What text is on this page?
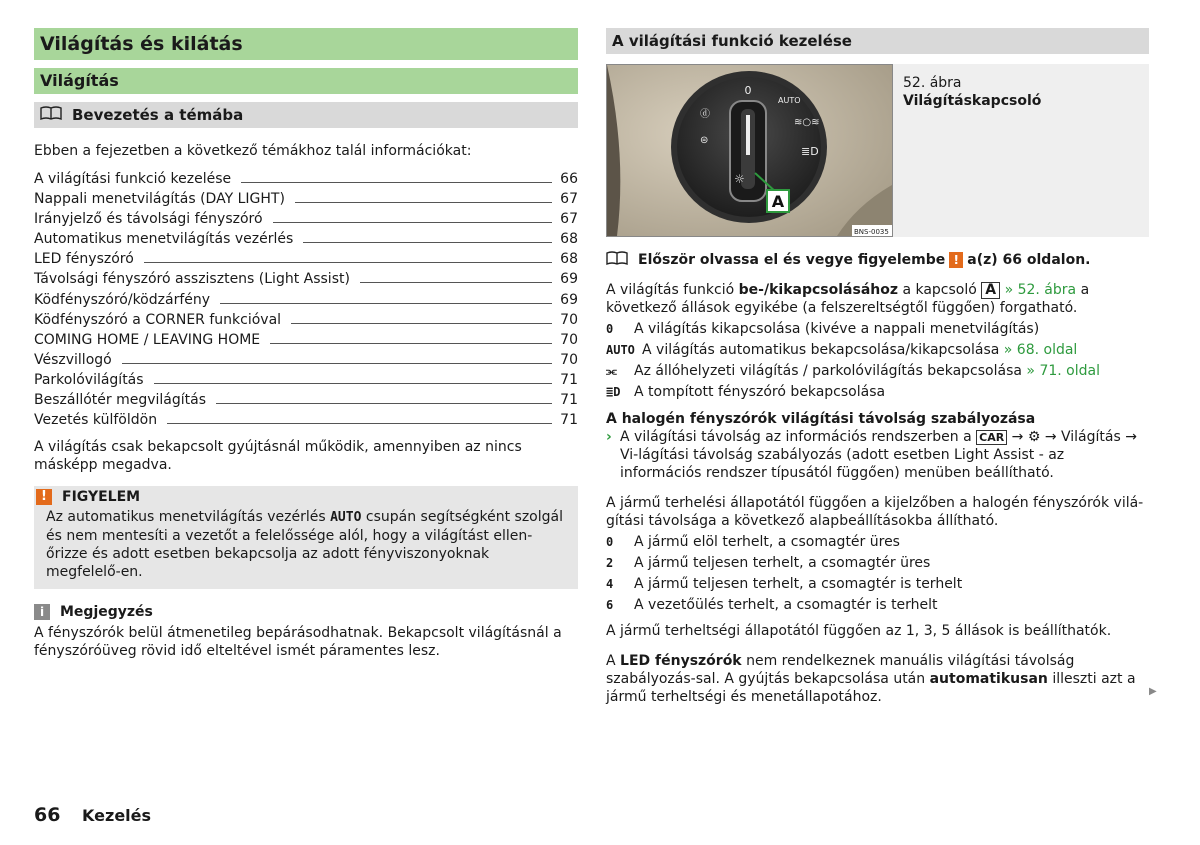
Világítás és kilátás
Világítás
Bevezetés a témába

Ebben a fejezetben a következő témákhoz talál információkat:

A világítási funkció kezelése	66
Nappali menetvilágítás (DAY LIGHT)	67
Irányjelző és távolsági fényszóró	67
Automatikus menetvilágítás vezérlés	68
LED fényszóró	68
Távolsági fényszóró asszisztens (Light Assist)	69
Ködfényszóró/ködzárfény	69
Ködfényszóró a CORNER funkcióval	70
COMING HOME / LEAVING HOME	70
Vészvillogó	70
Parkolóvilágítás	71
Beszállótér megvilágítás	71
Vezetés külföldön	71

A világítás csak bekapcsolt gyújtásnál működik, amennyiben az nincs másképp megadva.

!	FIGYELEM
Az automatikus menetvilágítás vezérlés AUTO csupán segítségként szolgál és nem mentesíti a vezetőt a felelőssége alól, hogy a világítást ellen-őrizze és adott esetben bekapcsolja az adott fényviszonyoknak megfelelő-en.
i	Megjegyzés

A fényszórók belül átmenetileg bepárásodhatnak. Bekapcsolt világításnál a fényszóróüveg rövid idő elteltével ismét páramentes lesz.

A világítási funkció kezelése
0
AUTO
≋○≋
≣D
ⓓ
⊜
☼
A
BNS-0035
52. ábra
Világításkapcsoló
Először olvassa el és vegye figyelembe ! a(z) 66 oldalon.

A világítás funkció be-/kikapcsolásához a kapcsoló A » 52. ábra a következő állások egyikébe (a felszereltségtől függően) forgatható.

0	A világítás kikapcsolása (kivéve a nappali menetvilágítás)
AUTO A világítás automatikus bekapcsolása/kikapcsolása » 68. oldal
⫘	Az állóhelyzeti világítás / parkolóvilágítás bekapcsolása » 71. oldal
≣D A tompított fényszóró bekapcsolása
A halogén fényszórók világítási távolság szabályozása
› A világítási távolság az információs rendszerben a CAR → ⚙ → Világítás → Vi-lágítási távolság szabályozás (adott esetben Light Assist - az információs rendszer típusától függően) menüben beállítható.

A jármű terhelési állapotától függően a kijelzőben a halogén fényszórók vilá-gítási távolsága a következő alapbeállításokba állítható.

0	A jármű elöl terhelt, a csomagtér üres
2	A jármű teljesen terhelt, a csomagtér üres
4	A jármű teljesen terhelt, a csomagtér is terhelt
6	A vezetőülés terhelt, a csomagtér is terhelt

A jármű terheltségi állapotától függően az 1, 3, 5 állások is beállíthatók.

A LED fényszórók nem rendelkeznek manuális világítási távolság szabályozás-sal. A gyújtás bekapcsolása után automatikusan illeszti azt a jármű terheltségi és menetállapotához.	▶
66 Kezelés
